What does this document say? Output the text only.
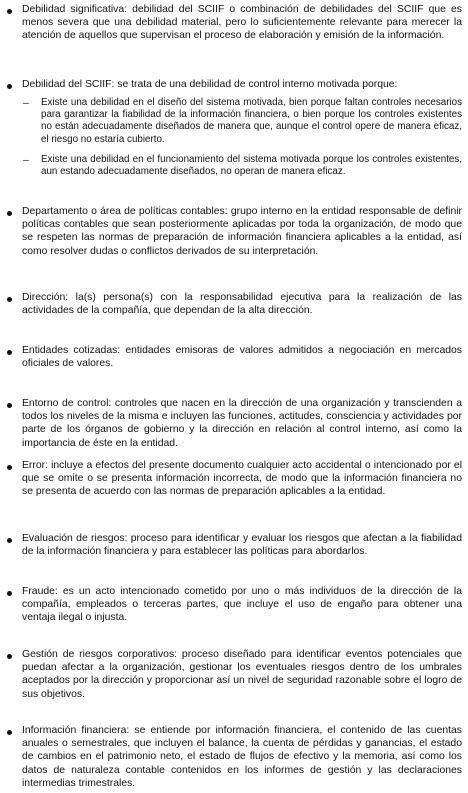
Debilidad significativa: debilidad del SCIIF o combinación de debilidades del SCIIF que es menos severa que una debilidad material, pero lo suficientemente relevante para merecer la atención de aquellos que supervisan el proceso de elaboración y emisión de la información.
Debilidad del SCIIF: se trata de una debilidad de control interno motivada porque:
– Existe una debilidad en el diseño del sistema motivada, bien porque faltan controles necesarios para garantizar la fiabilidad de la información financiera, o bien porque los controles existentes no están adecuadamente diseñados de manera que, aunque el control opere de manera eficaz, el riesgo no estaría cubierto.
– Existe una debilidad en el funcionamiento del sistema motivada porque los controles existentes, aun estando adecuadamente diseñados, no operan de manera eficaz.
Departamento o área de políticas contables: grupo interno en la entidad responsable de definir políticas contables que sean posteriormente aplicadas por toda la organización, de modo que se respeten las normas de preparación de información financiera aplicables a la entidad, así como resolver dudas o conflictos derivados de su interpretación.
Dirección: la(s) persona(s) con la responsabilidad ejecutiva para la realización de las actividades de la compañía, que dependan de la alta dirección.
Entidades cotizadas: entidades emisoras de valores admitidos a negociación en mercados oficiales de valores.
Entorno de control: controles que nacen en la dirección de una organización y transcienden a todos los niveles de la misma e incluyen las funciones, actitudes, consciencia y actividades por parte de los órganos de gobierno y la dirección en relación al control interno, así como la importancia de éste en la entidad.
Error: incluye a efectos del presente documento cualquier acto accidental o intencionado por el que se omite o se presenta información incorrecta, de modo que la información financiera no se presenta de acuerdo con las normas de preparación aplicables a la entidad.
Evaluación de riesgos: proceso para identificar y evaluar los riesgos que afectan a la fiabilidad de la información financiera y para establecer las políticas para abordarlos.
Fraude: es un acto intencionado cometido por uno o más individuos de la dirección de la compañía, empleados o terceras partes, que incluye el uso de engaño para obtener una ventaja ilegal o injusta.
Gestión de riesgos corporativos: proceso diseñado para identificar eventos potenciales que puedan afectar a la organización, gestionar los eventuales riesgos dentro de los umbrales aceptados por la dirección y proporcionar así un nivel de seguridad razonable sobre el logro de sus objetivos.
Información financiera: se entiende por información financiera, el contenido de las cuentas anuales o semestrales, que incluyen el balance, la cuenta de pérdidas y ganancias, el estado de cambios en el patrimonio neto, el estado de flujos de efectivo y la memoria, así como los datos de naturaleza contable contenidos en los informes de gestión y las declaraciones intermedias trimestrales.
